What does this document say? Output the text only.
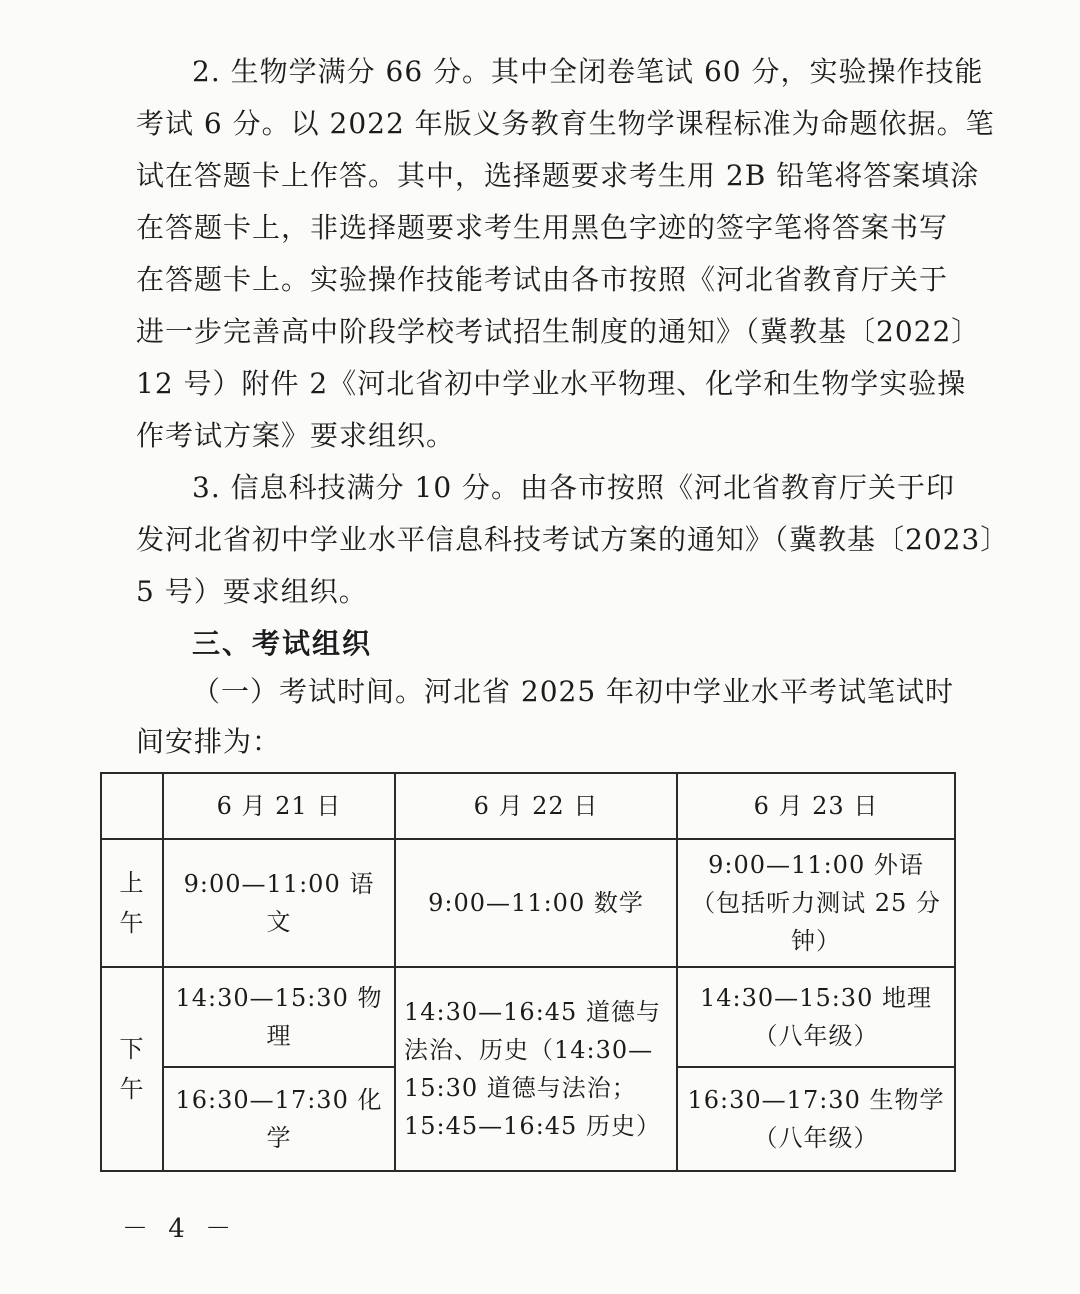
2. 生物学满分 66 分。其中全闭卷笔试 60 分，实验操作技能
考试 6 分。以 2022 年版义务教育生物学课程标准为命题依据。笔
试在答题卡上作答。其中，选择题要求考生用 2B 铅笔将答案填涂
在答题卡上，非选择题要求考生用黑色字迹的签字笔将答案书写
在答题卡上。实验操作技能考试由各市按照《河北省教育厅关于
进一步完善高中阶段学校考试招生制度的通知》（冀教基〔2022〕
12 号）附件 2《河北省初中学业水平物理、化学和生物学实验操
作考试方案》要求组织。
3. 信息科技满分 10 分。由各市按照《河北省教育厅关于印
发河北省初中学业水平信息科技考试方案的通知》（冀教基〔2023〕
5 号）要求组织。
三、考试组织
（一）考试时间。河北省 2025 年初中学业水平考试笔试时
间安排为：
	6 月 21 日	6 月 22 日	6 月 23 日

上
午	9:00—11:00 语文	9:00—11:00 数学	9:00—11:00 外语（包括听力测试 25 分钟）

下
午	14:30—15:30 物理	14:30—16:45 道德与法治、历史（14:30—15:30 道德与法治；15:45—16:45 历史）	14:30—15:30 地理（八年级）
	16:30—17:30 化学		16:30—17:30 生物学（八年级）
－ 4 －
